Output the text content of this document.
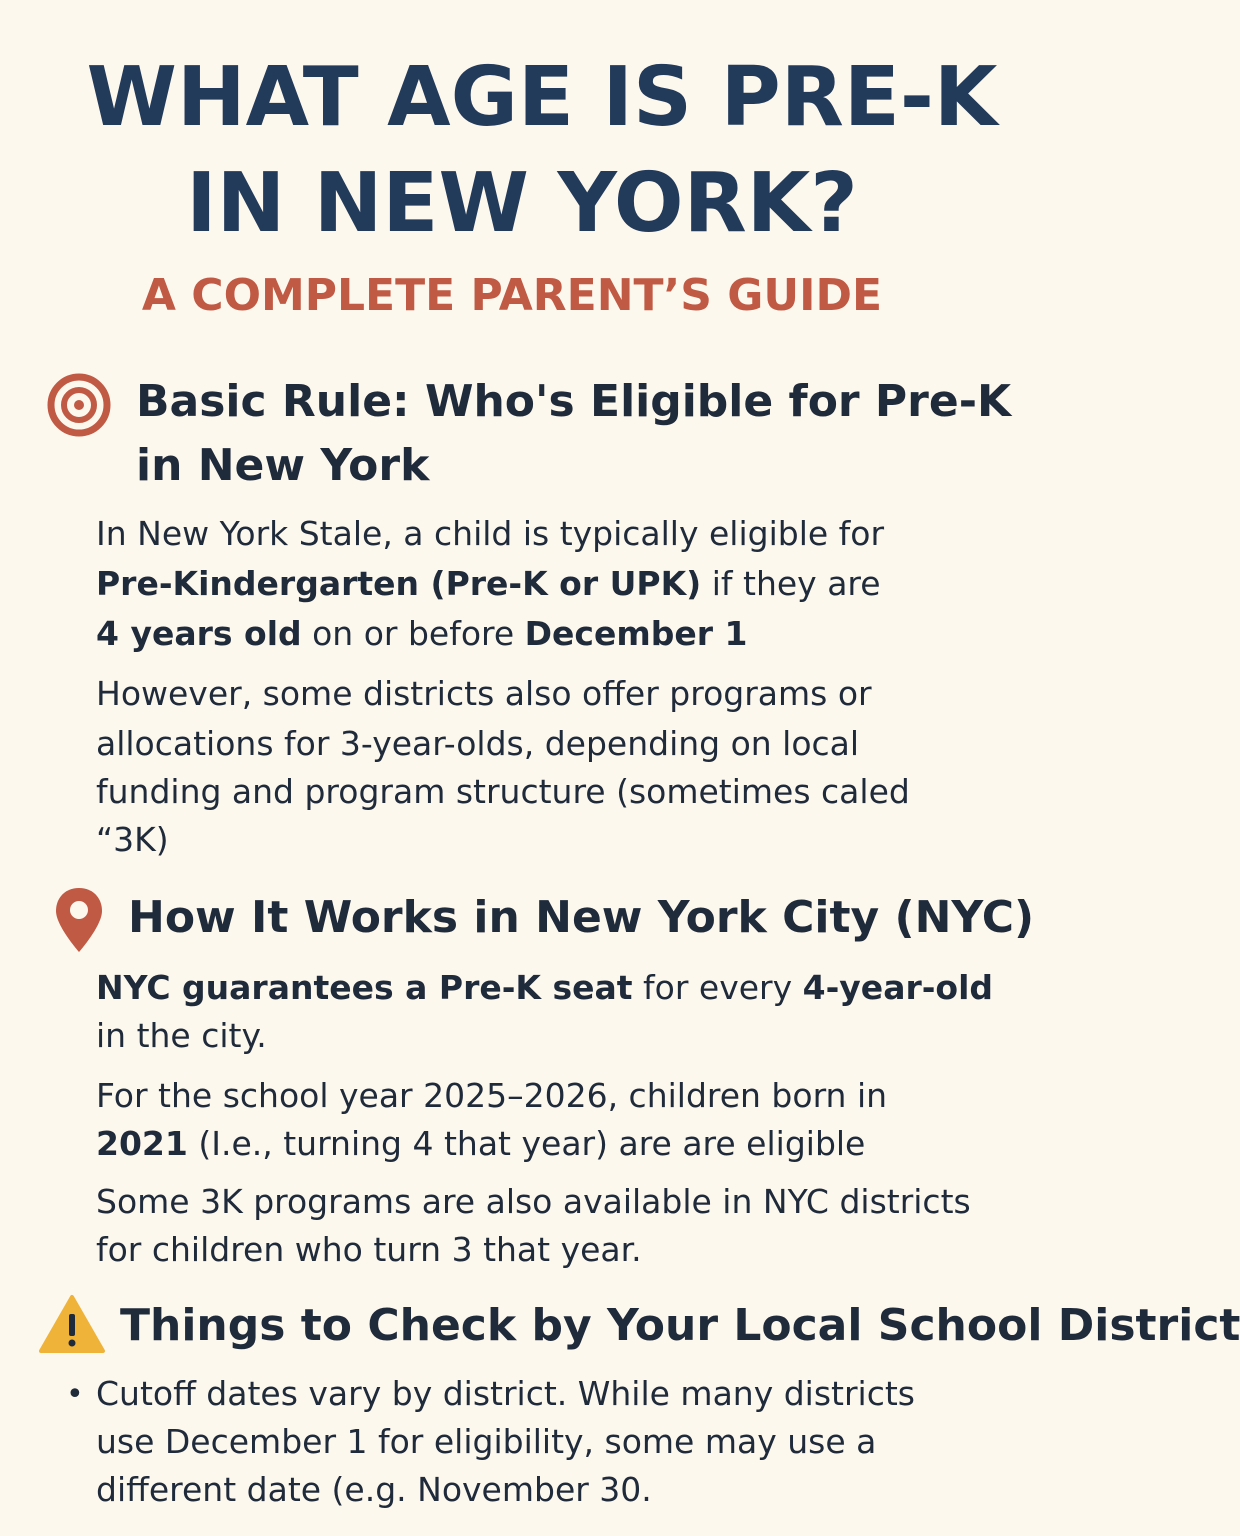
WHAT AGE IS PRE-K
IN NEW YORK?
A COMPLETE PARENT’S GUIDE
Basic Rule: Who's Eligible for Pre-K
in New York

In New York Stale, a child is typically eligible for

Pre-Kindergarten (Pre-K or UPK) if they are

4 years old on or before December 1

However, some districts also offer programs or

allocations for 3-year-olds, depending on local

funding and program structure (sometimes caled

“3K)

How It Works in New York City (NYC)

NYC guarantees a Pre-K seat for every 4-year-old

in the city.

For the school year 2025–2026, children born in

2021 (I.e., turning 4 that year) are are eligible

Some 3K programs are also available in NYC districts

for children who turn 3 that year.

Things to Check by Your Local School District
• Cutoff dates vary by district. While many districts

use December 1 for eligibility, some may use a

different date (e.g. November 30.
